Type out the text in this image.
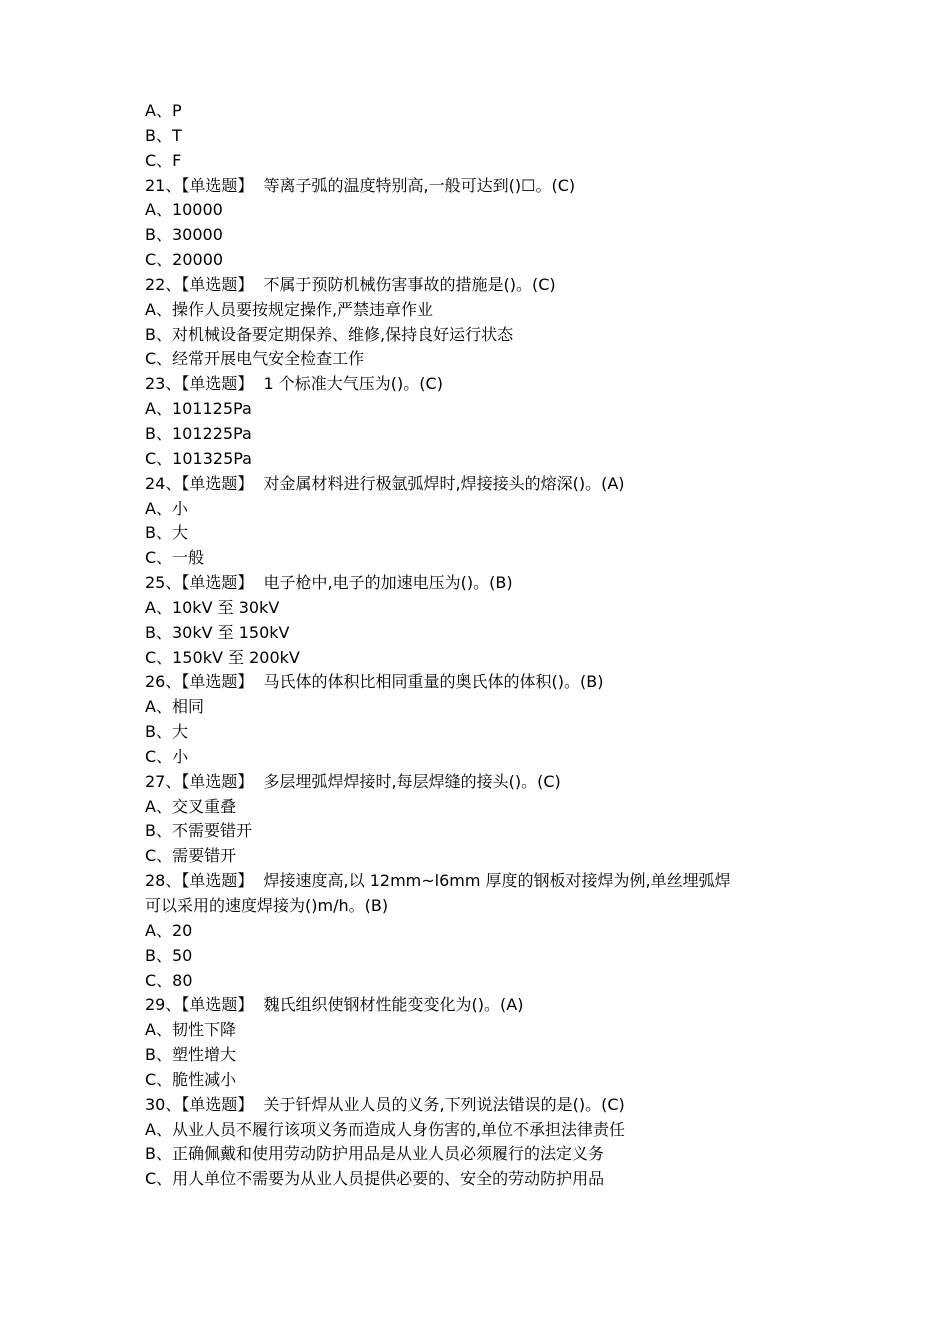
A、P

B、T

C、F

21、【单选题】  等离子弧的温度特别高,一般可达到()☐。(C)

A、10000

B、30000

C、20000

22、【单选题】  不属于预防机械伤害事故的措施是()。(C)

A、操作人员要按规定操作,严禁违章作业

B、对机械设备要定期保养、维修,保持良好运行状态

C、经常开展电气安全检查工作

23、【单选题】  1 个标准大气压为()。(C)

A、101125Pa

B、101225Pa

C、101325Pa

24、【单选题】  对金属材料进行极氩弧焊时,焊接接头的熔深()。(A)

A、小

B、大

C、一般

25、【单选题】  电子枪中,电子的加速电压为()。(B)

A、10kV 至 30kV

B、30kV 至 150kV

C、150kV 至 200kV

26、【单选题】  马氏体的体积比相同重量的奥氏体的体积()。(B)

A、相同

B、大

C、小

27、【单选题】  多层埋弧焊焊接时,每层焊缝的接头()。(C)

A、交叉重叠

B、不需要错开

C、需要错开

28、【单选题】  焊接速度高,以 12mm~l6mm 厚度的钢板对接焊为例,单丝埋弧焊

可以采用的速度焊接为()m/h。(B)

A、20

B、50

C、80

29、【单选题】  魏氏组织使钢材性能变变化为()。(A)

A、韧性下降

B、塑性增大

C、脆性减小

30、【单选题】  关于钎焊从业人员的义务,下列说法错误的是()。(C)

A、从业人员不履行该项义务而造成人身伤害的,单位不承担法律责任

B、正确佩戴和使用劳动防护用品是从业人员必须履行的法定义务

C、用人单位不需要为从业人员提供必要的、安全的劳动防护用品
